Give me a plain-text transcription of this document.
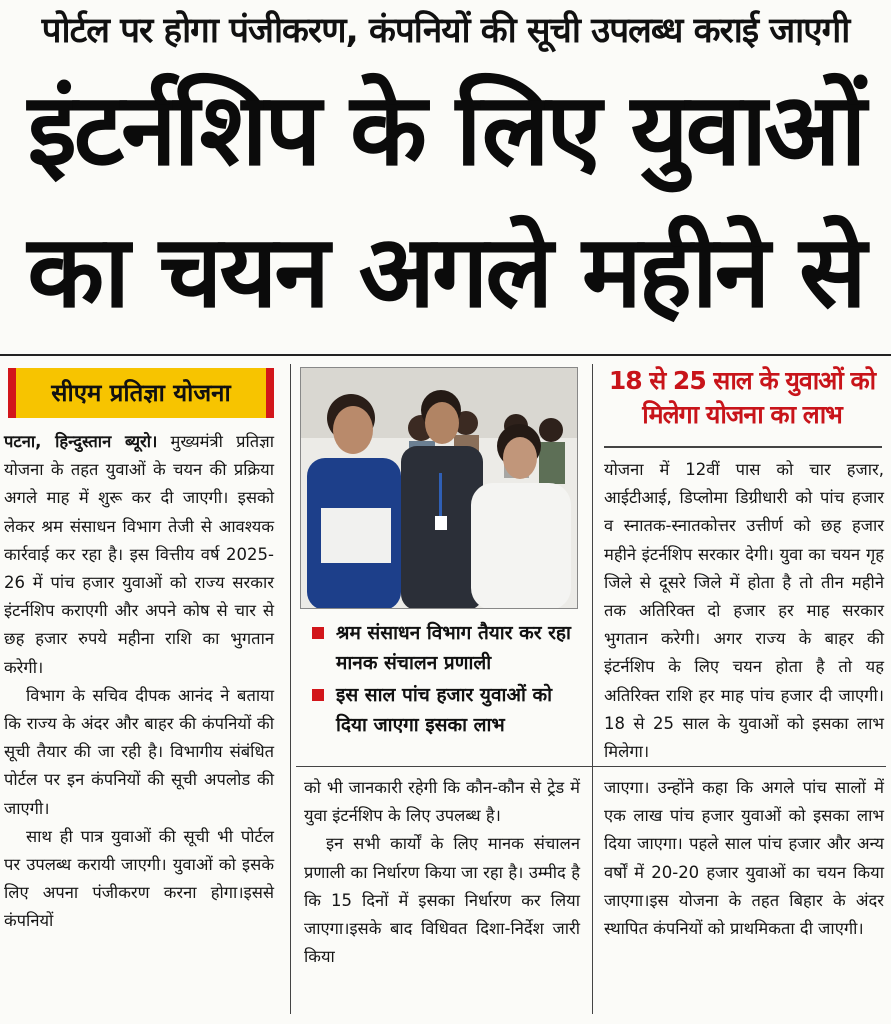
पोर्टल पर होगा पंजीकरण, कंपनियों की सूची उपलब्ध कराई जाएगी
इंटर्नशिप के लिए युवाओं
का चयन अगले महीने से
सीएम प्रतिज्ञा योजना

पटना, हिन्दुस्तान ब्यूरो। मुख्यमंत्री प्रतिज्ञा योजना के तहत युवाओं के चयन की प्रक्रिया अगले माह में शुरू कर दी जाएगी। इसको लेकर श्रम संसाधन विभाग तेजी से आवश्यक कार्रवाई कर रहा है। इस वित्तीय वर्ष 2025-26 में पांच हजार युवाओं को राज्य सरकार इंटर्नशिप कराएगी और अपने कोष से चार से छह हजार रुपये महीना राशि का भुगतान करेगी।

विभाग के सचिव दीपक आनंद ने बताया कि राज्य के अंदर और बाहर की कंपनियों की सूची तैयार की जा रही है। विभागीय संबंधित पोर्टल पर इन कंपनियों की सूची अपलोड की जाएगी।

साथ ही पात्र युवाओं की सूची भी पोर्टल पर उपलब्ध करायी जाएगी। युवाओं को इसके लिए अपना पंजीकरण करना होगा।इससे कंपनियों

श्रम संसाधन विभाग तैयार कर रहा मानक संचालन प्रणाली
इस साल पांच हजार युवाओं को दिया जाएगा इसका लाभ
18 से 25 साल के युवाओं को मिलेगा योजना का लाभ

योजना में 12वीं पास को चार हजार, आईटीआई, डिप्लोमा डिग्रीधारी को पांच हजार व स्नातक-स्नातकोत्तर उत्तीर्ण को छह हजार महीने इंटर्नशिप सरकार देगी। युवा का चयन गृह जिले से दूसरे जिले में होता है तो तीन महीने तक अतिरिक्त दो हजार हर माह सरकार भुगतान करेगी। अगर राज्य के बाहर की इंटर्नशिप के लिए चयन होता है तो यह अतिरिक्त राशि हर माह पांच हजार दी जाएगी। 18 से 25 साल के युवाओं को इसका लाभ मिलेगा।

को भी जानकारी रहेगी कि कौन-कौन से ट्रेड में युवा इंटर्नशिप के लिए उपलब्ध है।

इन सभी कार्यों के लिए मानक संचालन प्रणाली का निर्धारण किया जा रहा है। उम्मीद है कि 15 दिनों में इसका निर्धारण कर लिया जाएगा।इसके बाद विधिवत दिशा-निर्देश जारी किया

जाएगा। उन्होंने कहा कि अगले पांच सालों में एक लाख पांच हजार युवाओं को इसका लाभ दिया जाएगा। पहले साल पांच हजार और अन्य वर्षों में 20-20 हजार युवाओं का चयन किया जाएगा।इस योजना के तहत बिहार के अंदर स्थापित कंपनियों को प्राथमिकता दी जाएगी।
